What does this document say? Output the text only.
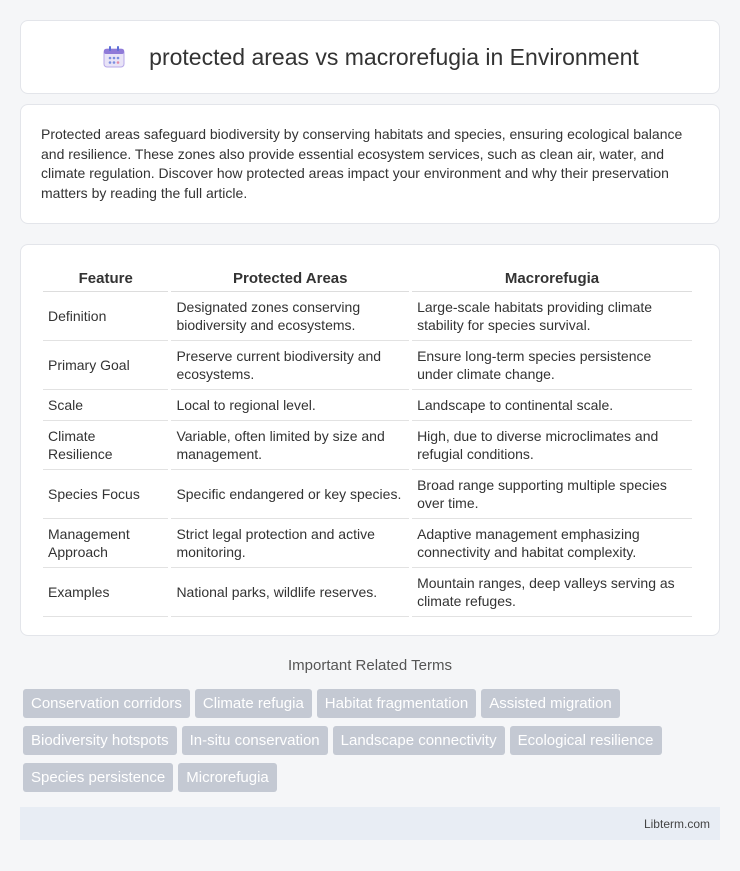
protected areas vs macrorefugia in Environment

Protected areas safeguard biodiversity by conserving habitats and species, ensuring ecological balance and resilience. These zones also provide essential ecosystem services, such as clean air, water, and climate regulation. Discover how protected areas impact your environment and why their preservation matters by reading the full article.

Feature	Protected Areas	Macrorefugia
Definition	Designated zones conserving biodiversity and ecosystems.	Large-scale habitats providing climate stability for species survival.
Primary Goal	Preserve current biodiversity and ecosystems.	Ensure long-term species persistence under climate change.
Scale	Local to regional level.	Landscape to continental scale.
Climate Resilience	Variable, often limited by size and management.	High, due to diverse microclimates and refugial conditions.
Species Focus	Specific endangered or key species.	Broad range supporting multiple species over time.
Management Approach	Strict legal protection and active monitoring.	Adaptive management emphasizing connectivity and habitat complexity.
Examples	National parks, wildlife reserves.	Mountain ranges, deep valleys serving as climate refuges.
Important Related Terms
Conservation corridors Climate refugia Habitat fragmentation Assisted migrationBiodiversity hotspots In-situ conservation Landscape connectivity Ecological resilienceSpecies persistence Microrefugia
Libterm.com
